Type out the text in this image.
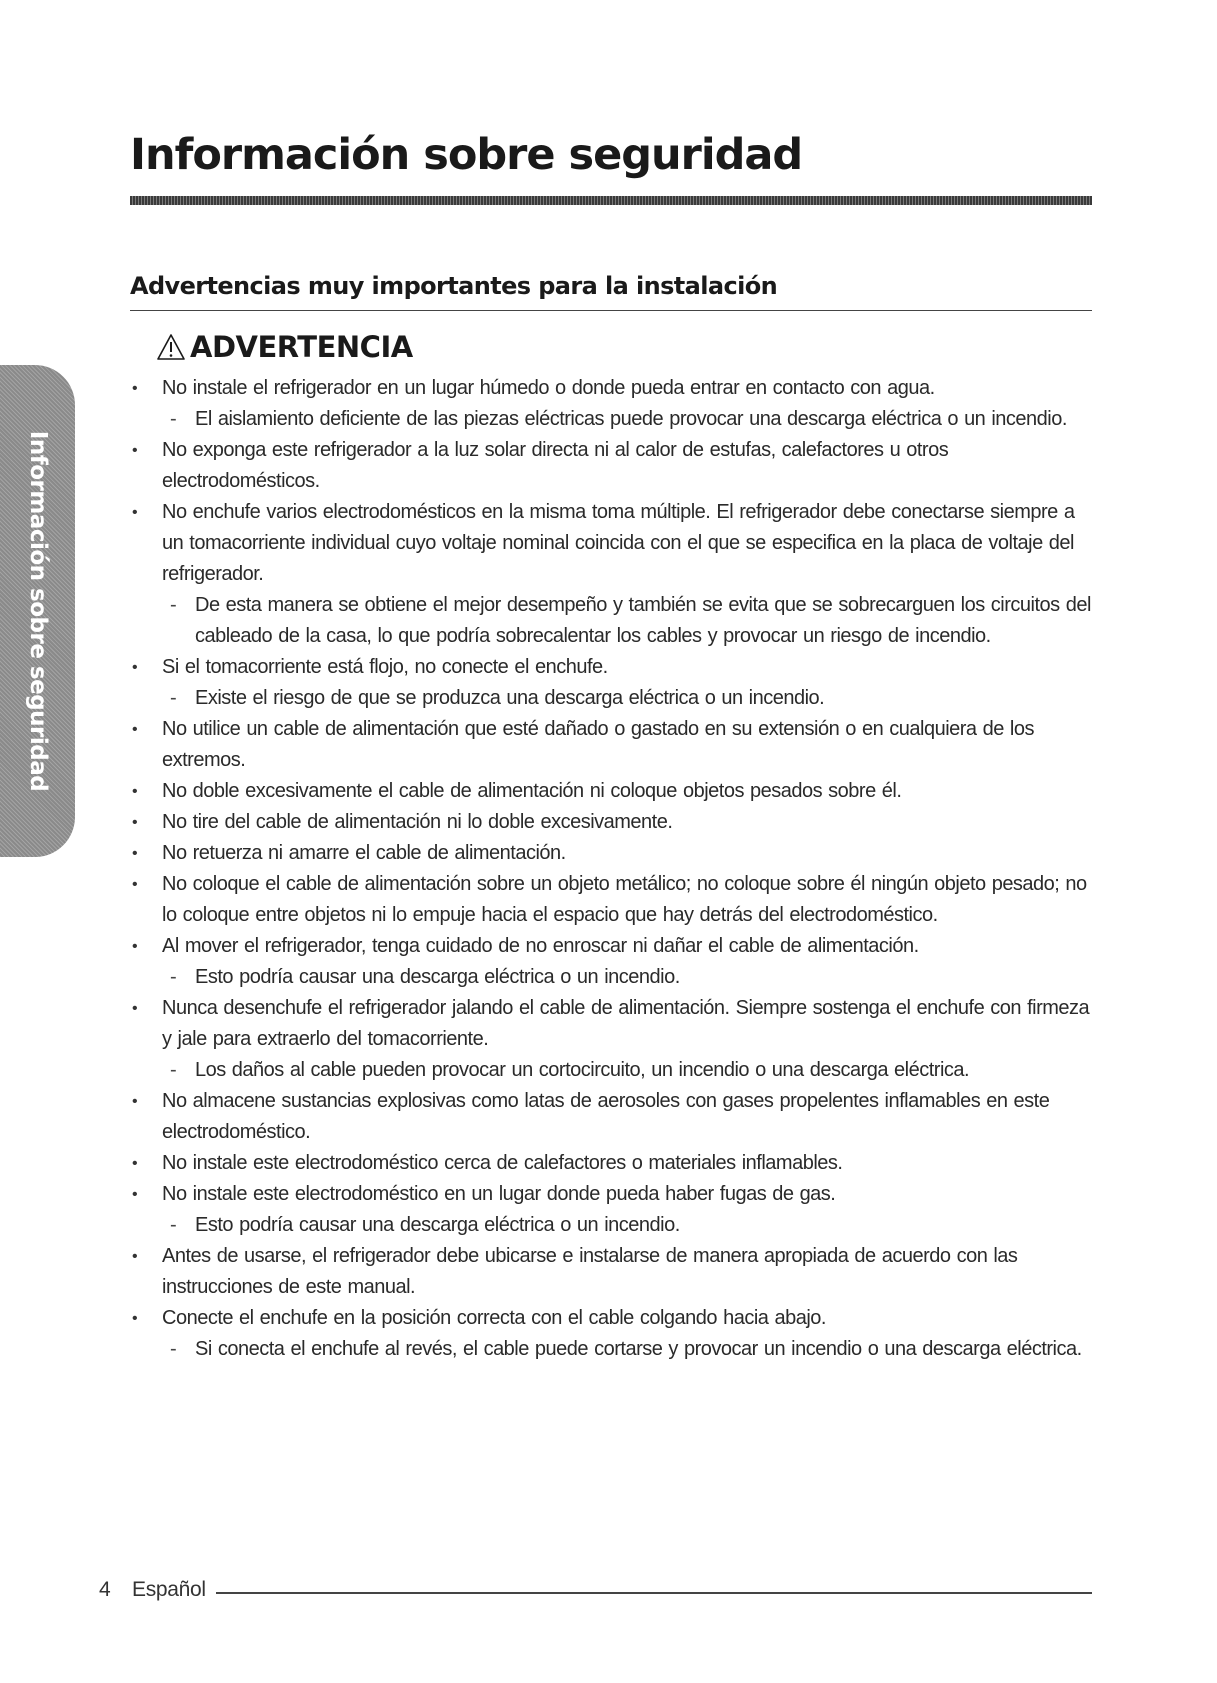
Información sobre seguridad
Advertencias muy importantes para la instalación
ADVERTENCIA
Información sobre seguridad
• No instale el refrigerador en un lugar húmedo o donde pueda entrar en contacto con agua.
- El aislamiento deficiente de las piezas eléctricas puede provocar una descarga eléctrica o un incendio.
• No exponga este refrigerador a la luz solar directa ni al calor de estufas, calefactores u otros electrodomésticos.
• No enchufe varios electrodomésticos en la misma toma múltiple. El refrigerador debe conectarse siempre a un tomacorriente individual cuyo voltaje nominal coincida con el que se especifica en la placa de voltaje del refrigerador.
- De esta manera se obtiene el mejor desempeño y también se evita que se sobrecarguen los circuitos del cableado de la casa, lo que podría sobrecalentar los cables y provocar un riesgo de incendio.
• Si el tomacorriente está flojo, no conecte el enchufe.
- Existe el riesgo de que se produzca una descarga eléctrica o un incendio.
• No utilice un cable de alimentación que esté dañado o gastado en su extensión o en cualquiera de los extremos.
• No doble excesivamente el cable de alimentación ni coloque objetos pesados sobre él.
• No tire del cable de alimentación ni lo doble excesivamente.
• No retuerza ni amarre el cable de alimentación.
• No coloque el cable de alimentación sobre un objeto metálico; no coloque sobre él ningún objeto pesado; no lo coloque entre objetos ni lo empuje hacia el espacio que hay detrás del electrodoméstico.
• Al mover el refrigerador, tenga cuidado de no enroscar ni dañar el cable de alimentación.
- Esto podría causar una descarga eléctrica o un incendio.
• Nunca desenchufe el refrigerador jalando el cable de alimentación. Siempre sostenga el enchufe con firmeza y jale para extraerlo del tomacorriente.
- Los daños al cable pueden provocar un cortocircuito, un incendio o una descarga eléctrica.
• No almacene sustancias explosivas como latas de aerosoles con gases propelentes inflamables en este electrodoméstico.
• No instale este electrodoméstico cerca de calefactores o materiales inflamables.
• No instale este electrodoméstico en un lugar donde pueda haber fugas de gas.
- Esto podría causar una descarga eléctrica o un incendio.
• Antes de usarse, el refrigerador debe ubicarse e instalarse de manera apropiada de acuerdo con las instrucciones de este manual.
• Conecte el enchufe en la posición correcta con el cable colgando hacia abajo.
- Si conecta el enchufe al revés, el cable puede cortarse y provocar un incendio o una descarga eléctrica.
4 Español
